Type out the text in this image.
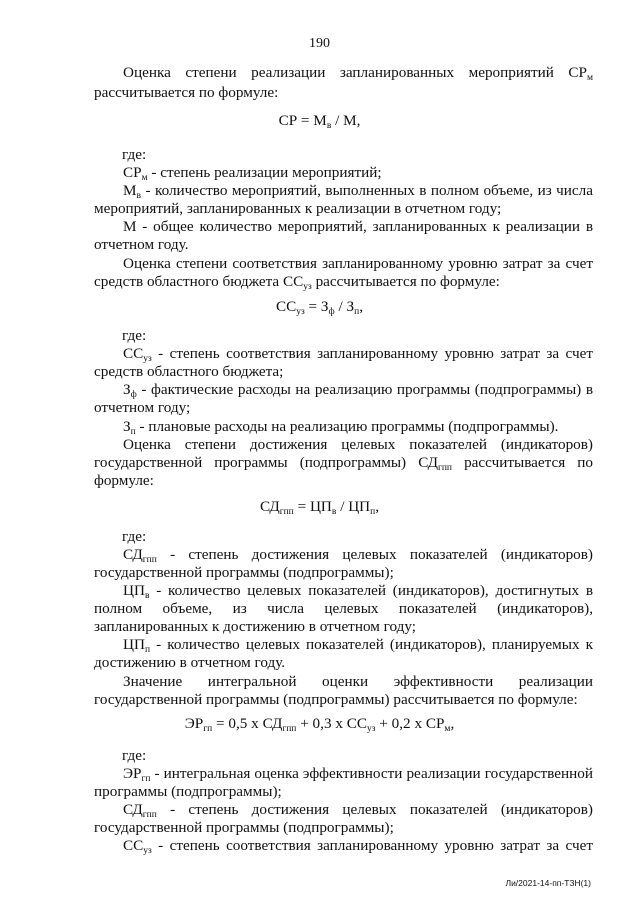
190
Оценка степени реализации запланированных мероприятий $СР_м$
рассчитывается по формуле:
СР = $М_в$ / М,
где:
$СР_м$ - степень реализации мероприятий;
$М_в$ - количество мероприятий, выполненных в полном объеме, из числа
мероприятий, запланированных к реализации в отчетном году;
М - общее количество мероприятий, запланированных к реализации в
отчетном году.
Оценка степени соответствия запланированному уровню затрат за счет
средств областного бюджета $СС_{уз}$ рассчитывается по формуле:
$СС_{уз} = З_ф / З_п$,
где:
$СС_{уз}$ - степень соответствия запланированному уровню затрат за счет
средств областного бюджета;
$З_ф$ - фактические расходы на реализацию программы (подпрограммы) в
отчетном году;
$З_п$ - плановые расходы на реализацию программы (подпрограммы).
Оценка степени достижения целевых показателей (индикаторов)
государственной программы (подпрограммы) $СД_{гпп}$ рассчитывается по
формуле:
$СД_{гпп} = ЦП_в / ЦП_п$,
где:
$СД_{гпп}$ - степень достижения целевых показателей (индикаторов)
государственной программы (подпрограммы);
$ЦП_в$ - количество целевых показателей (индикаторов), достигнутых в
полном объеме, из числа целевых показателей (индикаторов),
запланированных к достижению в отчетном году;
$ЦП_п$ - количество целевых показателей (индикаторов), планируемых к
достижению в отчетном году.
Значение интегральной оценки эффективности реализации
государственной программы (подпрограммы) рассчитывается по формуле:
$ЭР_{гп} = 0,5$ х $СД_{гпп} + 0,3$ х $СС_{уз} + 0,2$ х $СР_м$,
где:
$ЭР_{гп}$ - интегральная оценка эффективности реализации государственной
программы (подпрограммы);
$СД_{гпп}$ - степень достижения целевых показателей (индикаторов)
государственной программы (подпрограммы);
$СС_{уз}$ - степень соответствия запланированному уровню затрат за счет
Ли/2021-14-пп-ТЗН(1)
